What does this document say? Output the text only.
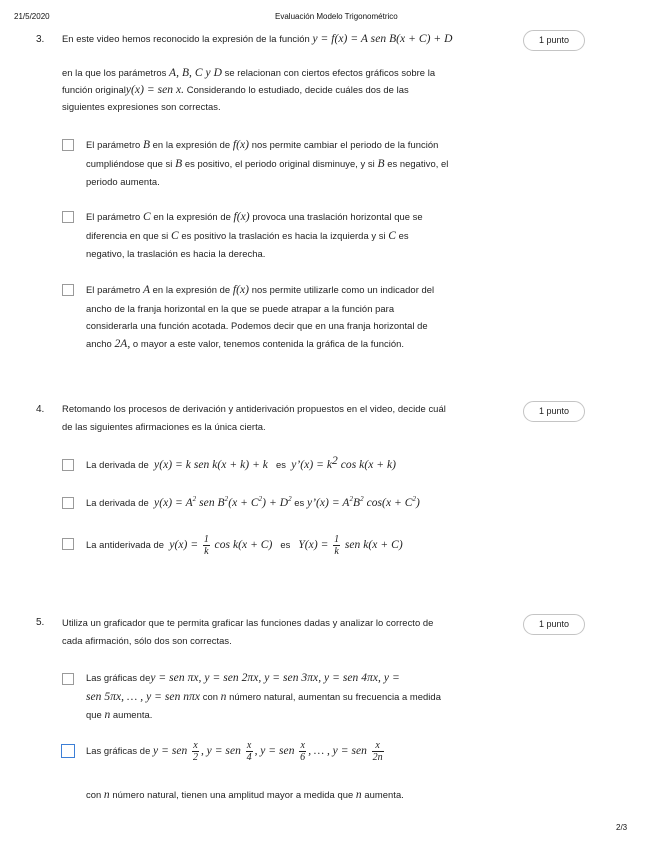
21/5/2020	Evaluación Modelo Trigonométrico
3. En este video hemos reconocido la expresión de la función y = f(x) = A sen B(x + C) + D	1 punto
en la que los parámetros A, B, C y D se relacionan con ciertos efectos gráficos sobre la
función originaly(x) = sen x. Considerando lo estudiado, decide cuáles dos de las
siguientes expresiones son correctas.
El parámetro B en la expresión de f(x) nos permite cambiar el periodo de la función
cumpliéndose que si B es positivo, el periodo original disminuye, y si B es negativo, el
periodo aumenta.
El parámetro C en la expresión de f(x) provoca una traslación horizontal que se
diferencia en que si C es positivo la traslación es hacia la izquierda y si C es
negativo, la traslación es hacia la derecha.
El parámetro A en la expresión de f(x) nos permite utilizarle como un indicador del
ancho de la franja horizontal en la que se puede atrapar a la función para
considerarla una función acotada. Podemos decir que en una franja horizontal de
ancho 2A, o mayor a este valor, tenemos contenida la gráfica de la función.
4. Retomando los procesos de derivación y antiderivación propuestos en el video, decide cuál
de las siguientes afirmaciones es la única cierta.
1 punto
La derivada de y(x) = k sen k(x + k) + k es y’(x) = $k^2$ cos k(x + k)
La derivada de $y(x) = A^2$ sen $B^2(x + C^2) + D^2$ es y’(x) = $A^2B^2$ $\cos(x + C^2)$
La antiderivada de $y(x) = \frac{1}{k}$ cos k(x + C) es $Y(x) = \frac{1}{k}$ sen k(x + C)
5. Utiliza un graficador que te permita graficar las funciones dadas y analizar lo correcto de
cada afirmación, sólo dos son correctas.
1 punto
Las gráficas dey = sen πx, y = sen 2πx, y = sen 3πx, y = sen 4πx, y =
sen 5πx, … , y = sen nπx con n número natural, aumentan su frecuencia a medida
que n aumenta.
Las gráficas de y = sen $\frac{x}{2}$ , y = sen $\frac{x}{4}$ , y = sen $\frac{x}{6}$ , … , y = sen $\frac{x}{2n}$
con n número natural, tienen una amplitud mayor a medida que n aumenta.
2/3
